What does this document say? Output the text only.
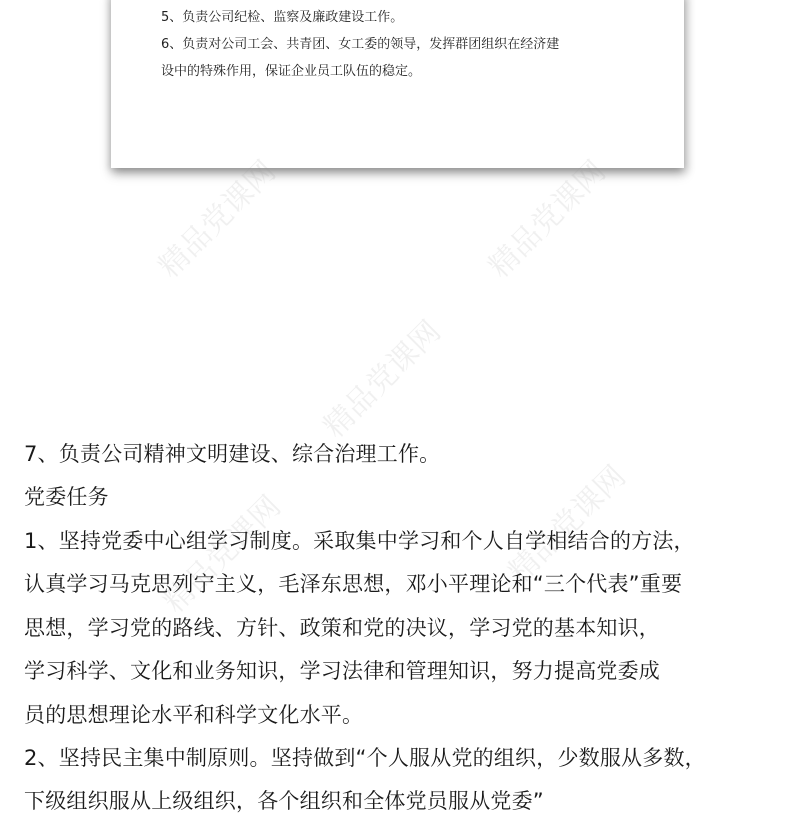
5、负责公司纪检、监察及廉政建设工作。

6、负责对公司工会、共青团、女工委的领导，发挥群团组织在经济建

设中的特殊作用，保证企业员工队伍的稳定。

精品党课网	精品党课网
精品党课网
精品党课网	精品党课网

7、负责公司精神文明建设、综合治理工作。

党委任务

1、坚持党委中心组学习制度。采取集中学习和个人自学相结合的方法，

认真学习马克思列宁主义，毛泽东思想，邓小平理论和“三个代表”重要

思想，学习党的路线、方针、政策和党的决议，学习党的基本知识，

学习科学、文化和业务知识，学习法律和管理知识，努力提高党委成

员的思想理论水平和科学文化水平。

2、坚持民主集中制原则。坚持做到“个人服从党的组织，少数服从多数，

下级组织服从上级组织，各个组织和全体党员服从党委”
